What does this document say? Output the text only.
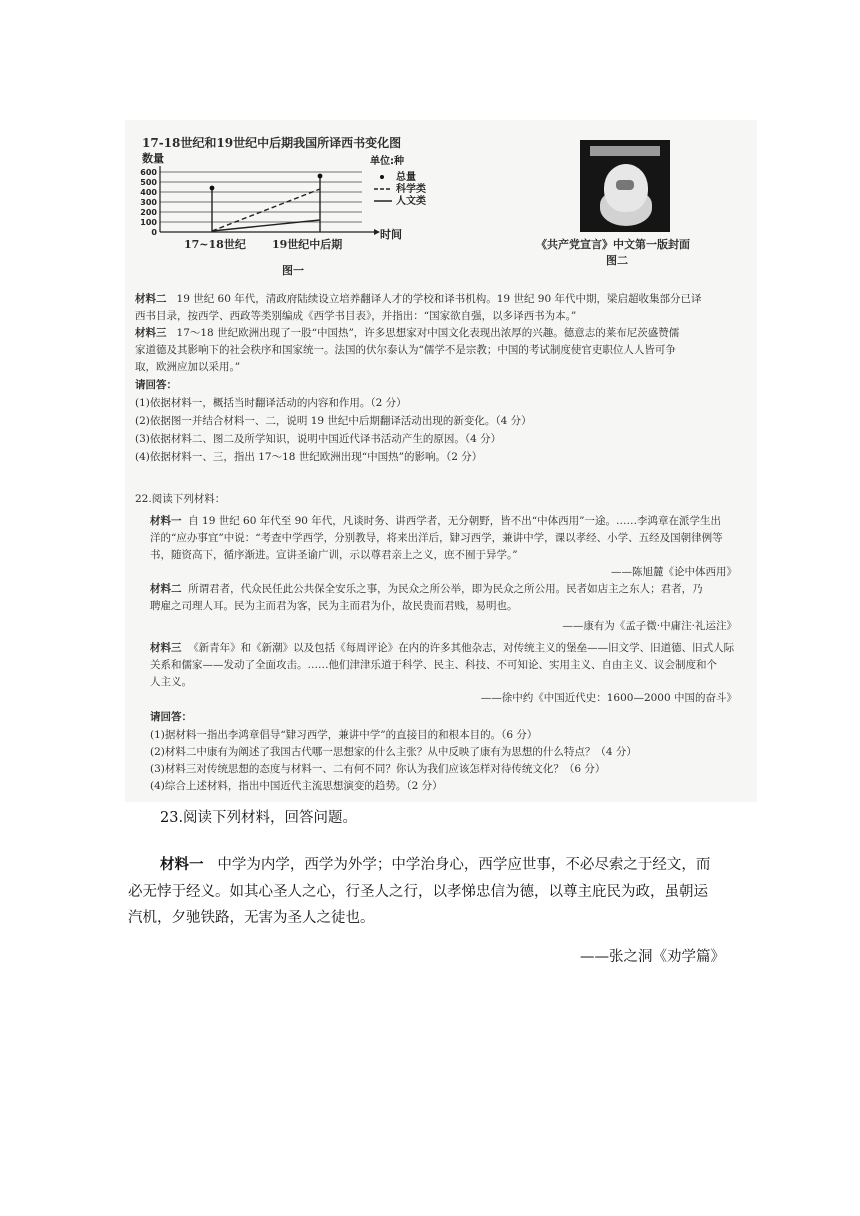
17-18世纪和19世纪中后期我国所译西书变化图
数量	单位:种
0
100
200
300
400
500
600	总量
科学类
人文类
时间
17~18世纪 19世纪中后期
图一
《共产党宣言》中文第一版封面
图二
材料二 19 世纪 60 年代，清政府陆续设立培养翻译人才的学校和译书机构。19 世纪 90 年代中期，梁启超收集部分已译
西书目录，按西学、西政等类别编成《西学书目表》，并指出：“国家欲自强，以多译西书为本。”
材料三 17～18 世纪欧洲出现了一股“中国热”，许多思想家对中国文化表现出浓厚的兴趣。德意志的莱布尼茨盛赞儒
家道德及其影响下的社会秩序和国家统一。法国的伏尔泰认为“儒学不是宗教；中国的考试制度使官吏职位人人皆可争
取，欧洲应加以采用。”
请回答：
(1)依据材料一，概括当时翻译活动的内容和作用。（2 分）
(2)依据图一并结合材料一、二，说明 19 世纪中后期翻译活动出现的新变化。（4 分）
(3)依据材料二、图二及所学知识，说明中国近代译书活动产生的原因。（4 分）
(4)依据材料一、三，指出 17～18 世纪欧洲出现“中国热”的影响。（2 分）
22.阅读下列材料：
材料一 自 19 世纪 60 年代至 90 年代，凡谈时务、讲西学者，无分朝野，皆不出“中体西用”一途。……李鸿章在派学生出
洋的“应办事宜”中说：“考查中学西学，分别教导，将来出洋后，肄习西学，兼讲中学，课以孝经、小学、五经及国朝律例等
书，随资高下，循序渐进。宣讲圣谕广训，示以尊君亲上之义，庶不囿于异学。”
——陈旭麓《论中体西用》
材料二 所谓君者，代众民任此公共保全安乐之事，为民众之所公举，即为民众之所公用。民者如店主之东人；君者，乃
聘雇之司理人耳。民为主而君为客，民为主而君为仆，故民贵而君贱，易明也。
——康有为《孟子微·中庸注·礼运注》
材料三 《新青年》和《新潮》以及包括《每周评论》在内的许多其他杂志，对传统主义的堡垒——旧文学、旧道德、旧式人际
关系和儒家——发动了全面攻击。……他们津津乐道于科学、民主、科技、不可知论、实用主义、自由主义、议会制度和个
人主义。
——徐中约《中国近代史：1600—2000 中国的奋斗》
请回答：
(1)据材料一指出李鸿章倡导“肄习西学，兼讲中学”的直接目的和根本目的。（6 分）
(2)材料二中康有为阐述了我国古代哪一思想家的什么主张？从中反映了康有为思想的什么特点？（4 分）
(3)材料三对传统思想的态度与材料一、二有何不同？你认为我们应该怎样对待传统文化？（6 分）
(4)综合上述材料，指出中国近代主流思想演变的趋势。（2 分）
23.阅读下列材料，回答问题。
材料一 中学为内学，西学为外学；中学治身心，西学应世事，不必尽索之于经文，而
必无悖于经义。如其心圣人之心，行圣人之行，以孝悌忠信为德，以尊主庇民为政，虽朝运
汽机，夕驰铁路，无害为圣人之徒也。
——张之洞《劝学篇》
